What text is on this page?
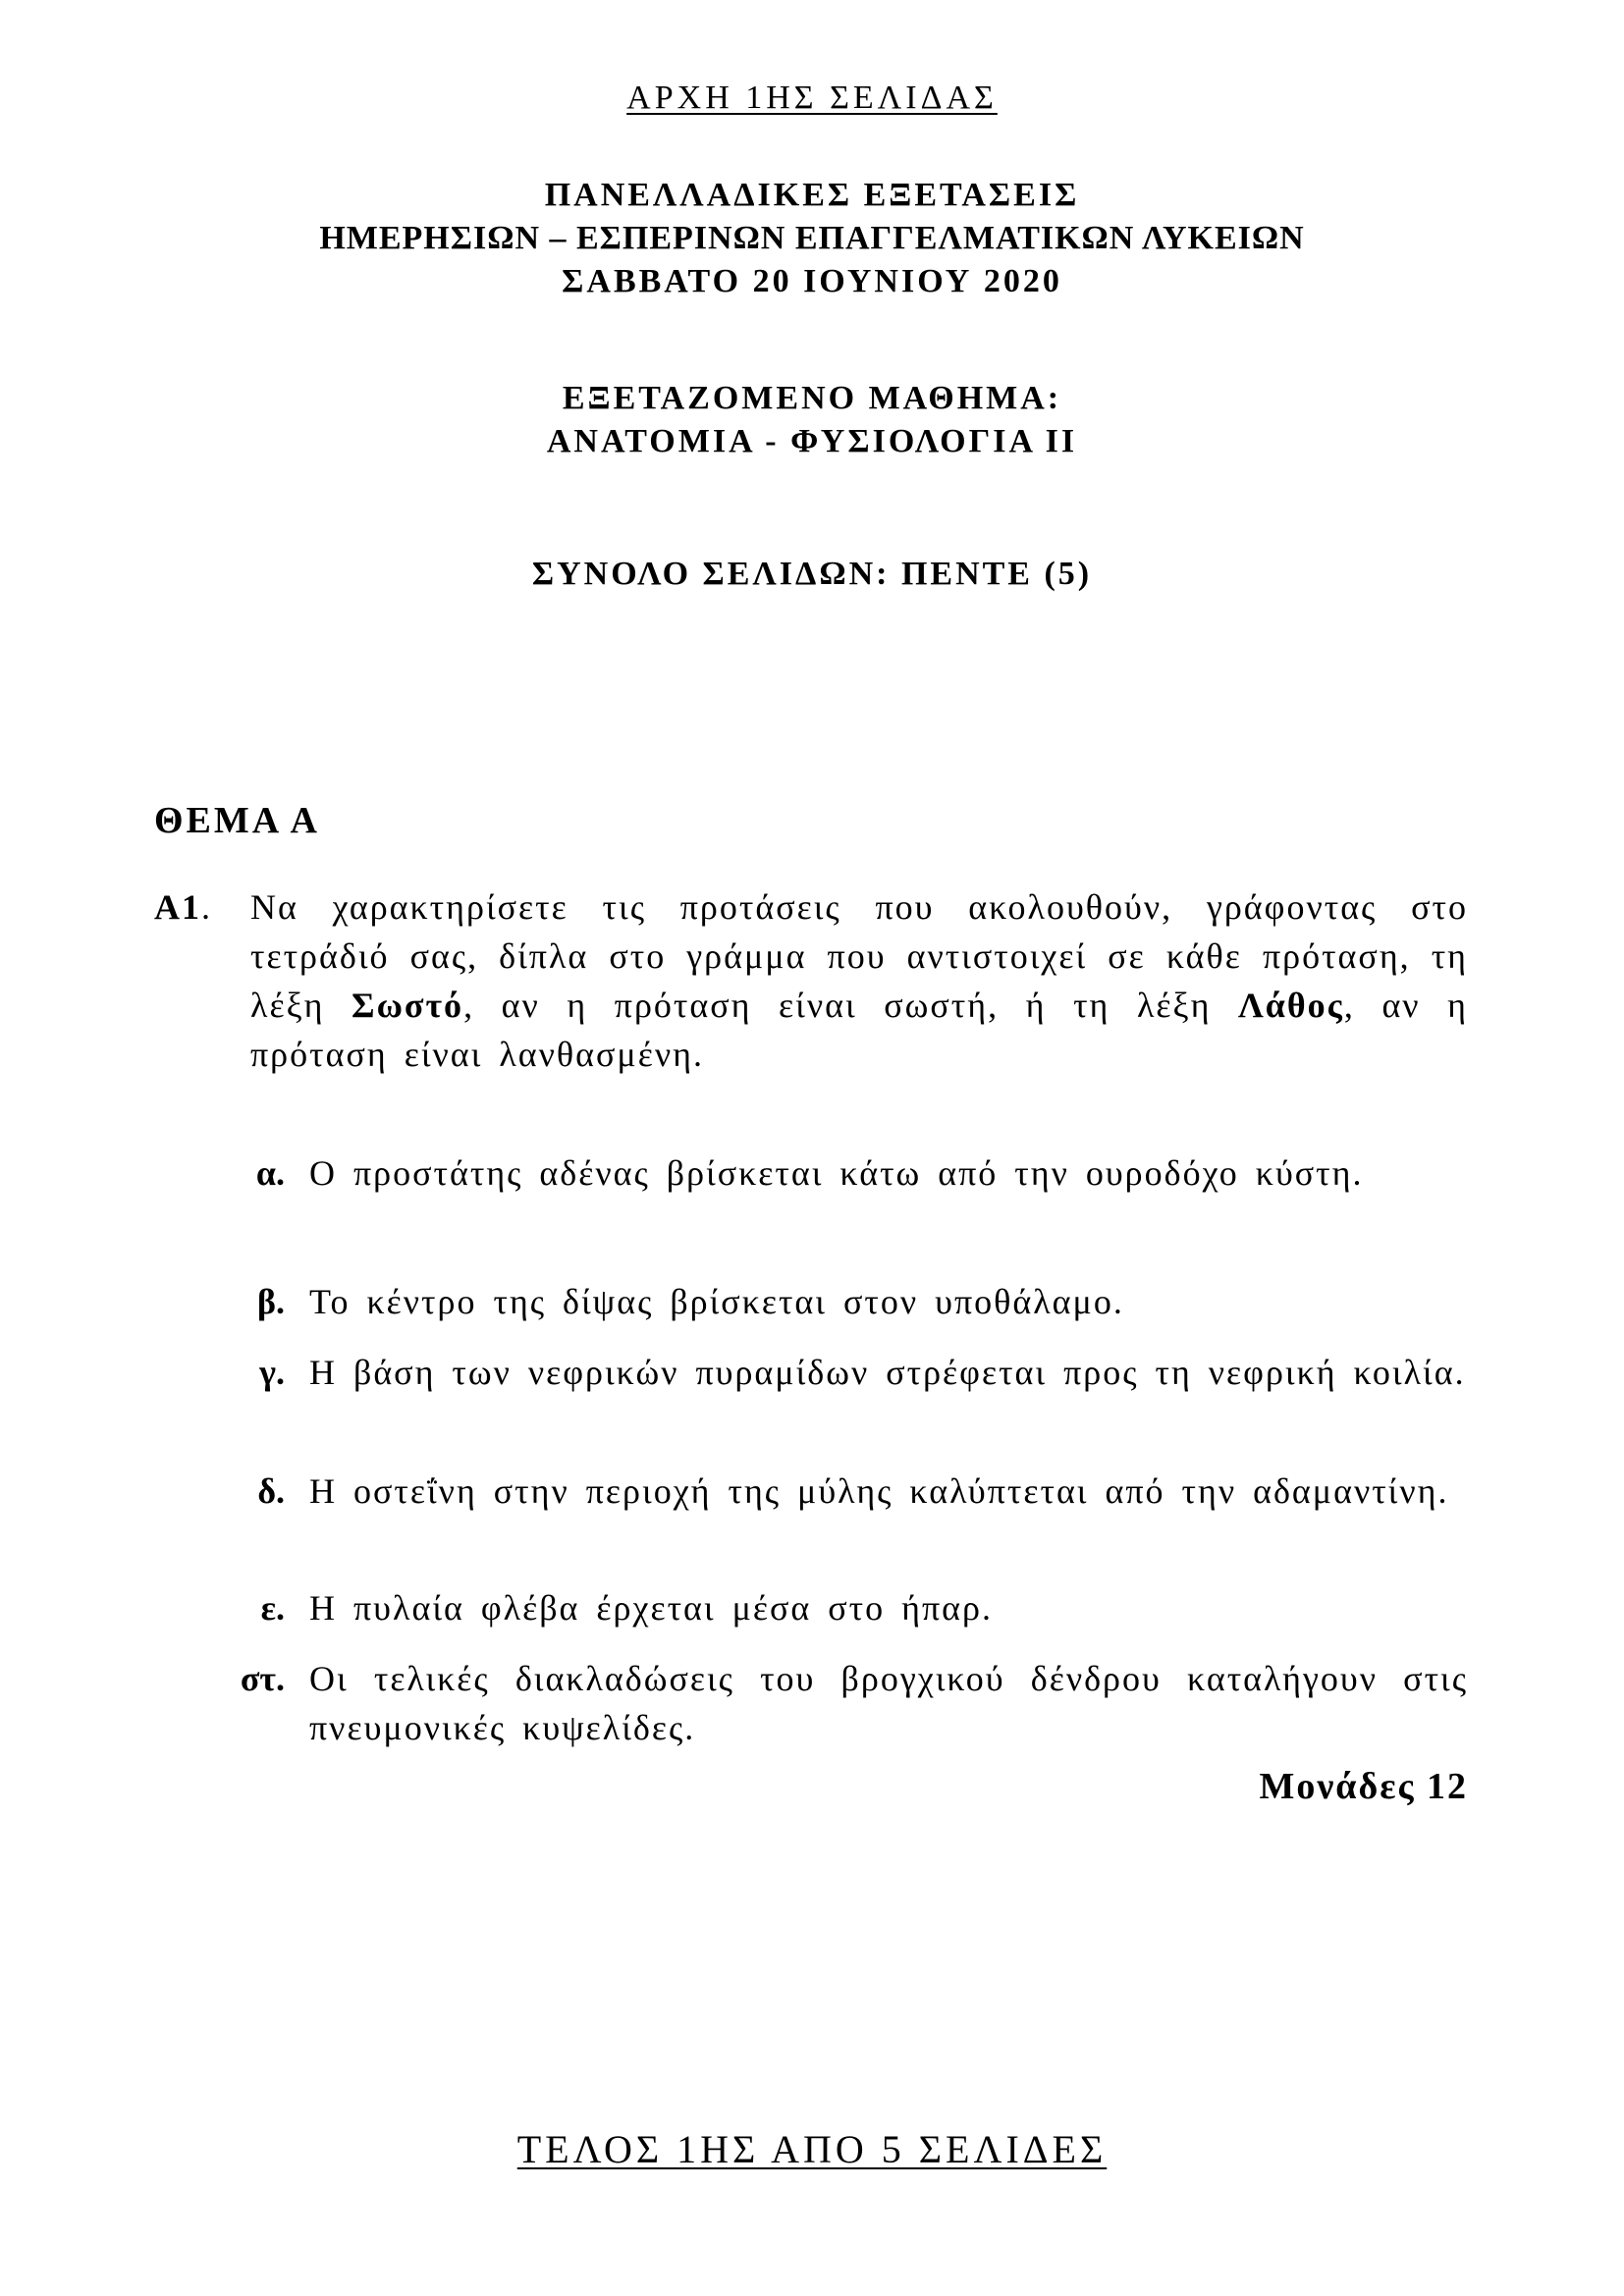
ΑΡΧΗ 1ΗΣ ΣΕΛΙΔΑΣ
ΠΑΝΕΛΛΑΔΙΚΕΣ ΕΞΕΤΑΣΕΙΣ
ΗΜΕΡΗΣΙΩΝ – ΕΣΠΕΡΙΝΩΝ ΕΠΑΓΓΕΛΜΑΤΙΚΩΝ ΛΥΚΕΙΩΝ
ΣΑΒΒΑΤΟ 20 ΙΟΥΝΙΟΥ 2020
ΕΞΕΤΑΖΟΜΕΝΟ ΜΑΘΗΜΑ:
ΑΝΑΤΟΜΙΑ - ΦΥΣΙΟΛΟΓΙΑ ΙΙ
ΣΥΝΟΛΟ ΣΕΛΙΔΩΝ: ΠΕΝΤΕ (5)
ΘΕΜΑ Α
Α1. Να χαρακτηρίσετε τις προτάσεις που ακολουθούν, γράφοντας στο τετράδιό σας, δίπλα στο γράμμα που αντιστοιχεί σε κάθε πρόταση, τη λέξη Σωστό, αν η πρόταση είναι σωστή, ή τη λέξη Λάθος, αν η πρόταση είναι λανθασμένη.
α. Ο προστάτης αδένας βρίσκεται κάτω από την ουροδόχο κύστη.
β. Το κέντρο της δίψας βρίσκεται στον υποθάλαμο.
γ. Η βάση των νεφρικών πυραμίδων στρέφεται προς τη νεφρική κοιλία.
δ. Η οστεΐνη στην περιοχή της μύλης καλύπτεται από την αδαμαντίνη.
ε. Η πυλαία φλέβα έρχεται μέσα στο ήπαρ.
στ. Οι τελικές διακλαδώσεις του βρογχικού δένδρου καταλήγουν στις πνευμονικές κυψελίδες.
Μονάδες 12
ΤΕΛΟΣ 1ΗΣ ΑΠΟ 5 ΣΕΛΙΔΕΣ
